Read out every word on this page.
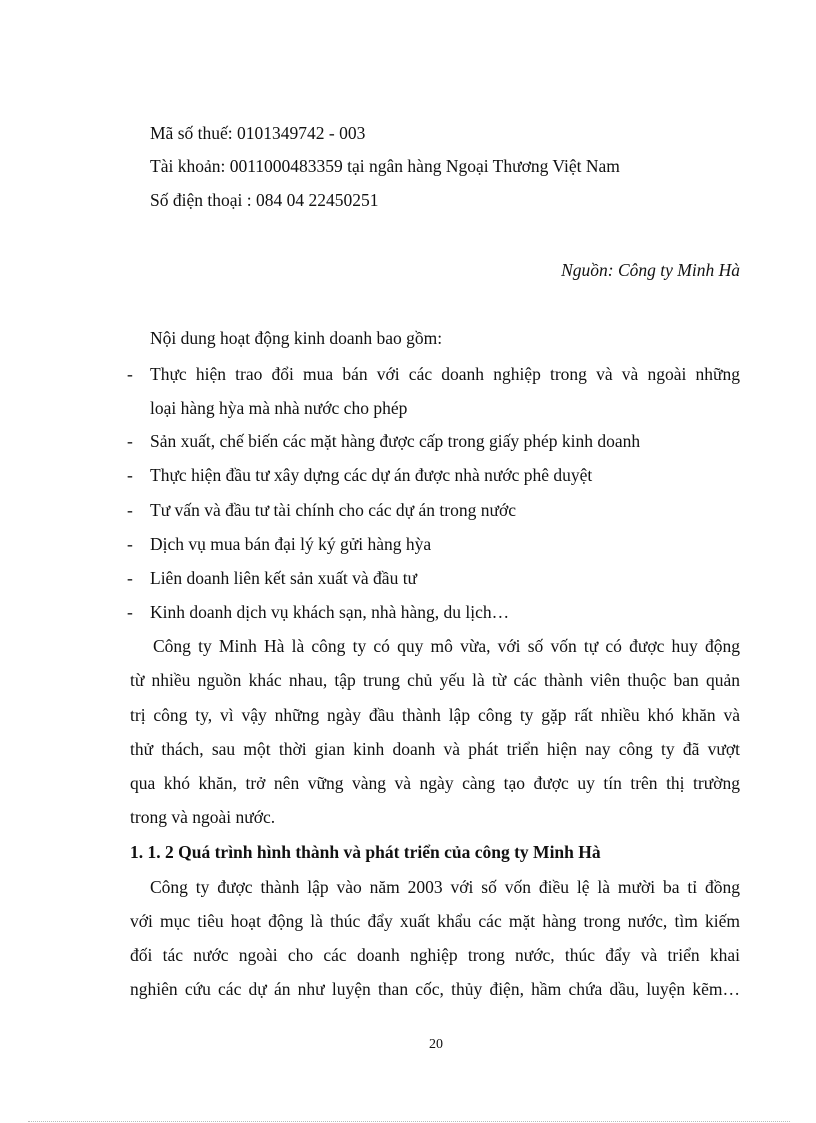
Mã số thuế: 0101349742 - 003
Tài khoản: 0011000483359 tại ngân hàng Ngoại Thương Việt Nam
Số điện thoại : 084 04 22450251
Nguồn: Công ty Minh Hà
Nội dung hoạt động kinh doanh bao gồm:
- Thực hiện trao đổi mua bán với các doanh nghiệp trong và và ngoài những
loại hàng hỳa mà nhà nước cho phép
- Sản xuất, chế biến các mặt hàng được cấp trong giấy phép kinh doanh
- Thực hiện đầu tư xây dựng các dự án được nhà nước phê duyệt
- Tư vấn và đầu tư tài chính cho các dự án trong nước
- Dịch vụ mua bán đại lý ký gửi hàng hỳa
- Liên doanh liên kết sản xuất và đầu tư
- Kinh doanh dịch vụ khách sạn, nhà hàng, du lịch…
Công ty Minh Hà là công ty có quy mô vừa, với số vốn tự có được huy động
từ nhiều nguồn khác nhau, tập trung chủ yếu là từ các thành viên thuộc ban quản
trị công ty, vì vậy những ngày đầu thành lập công ty gặp rất nhiều khó khăn và
thử thách, sau một thời gian kinh doanh và phát triển hiện nay công ty đã vượt
qua khó khăn, trở nên vững vàng và ngày càng tạo được uy tín trên thị trường
trong và ngoài nước.
1. 1. 2 Quá trình hình thành và phát triển của công ty Minh Hà
Công ty được thành lập vào năm 2003 với số vốn điều lệ là mười ba tỉ đồng
với mục tiêu hoạt động là thúc đẩy xuất khẩu các mặt hàng trong nước, tìm kiếm
đối tác nước ngoài cho các doanh nghiệp trong nước, thúc đẩy và triển khai
nghiên cứu các dự án như luyện than cốc, thủy điện, hầm chứa dầu, luyện kẽm…
20
